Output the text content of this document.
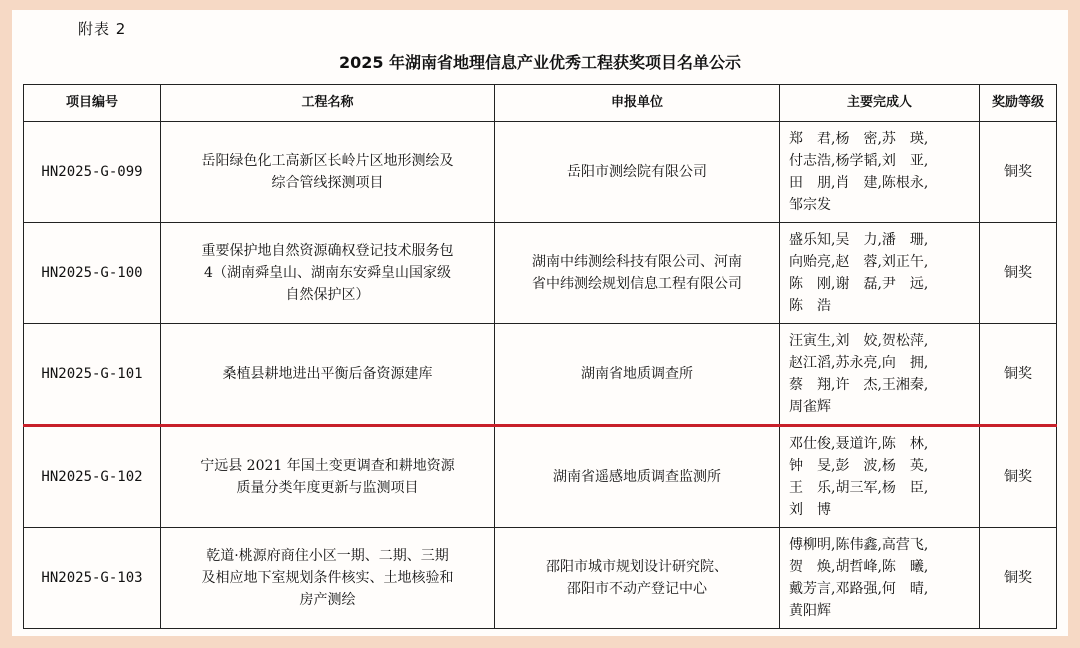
附表 2
2025 年湖南省地理信息产业优秀工程获奖项目名单公示
项目编号	工程名称	申报单位	主要完成人	奖励等级
HN2025-G-099	岳阳绿色化工高新区长岭片区地形测绘及
综合管线探测项目	岳阳市测绘院有限公司	郑　君,杨　密,苏　瑛,
付志浩,杨学韬,刘　亚,
田　朋,肖　建,陈根永,
邹宗发	铜奖
HN2025-G-100	重要保护地自然资源确权登记技术服务包
4（湖南舜皇山、湖南东安舜皇山国家级
自然保护区）	湖南中纬测绘科技有限公司、河南
省中纬测绘规划信息工程有限公司	盛乐知,吴　力,潘　珊,
向贻亮,赵　蓉,刘正午,
陈　刚,谢　磊,尹　远,
陈　浩	铜奖
HN2025-G-101	桑植县耕地进出平衡后备资源建库	湖南省地质调查所	汪寅生,刘　姣,贺松萍,
赵江滔,苏永亮,向　拥,
蔡　翔,许　杰,王湘秦,
周雀辉	铜奖
HN2025-G-102	宁远县 2021 年国土变更调查和耕地资源
质量分类年度更新与监测项目	湖南省遥感地质调查监测所	邓仕俊,聂道许,陈　林,
钟　旻,彭　波,杨　英,
王　乐,胡三军,杨　臣,
刘　博	铜奖
HN2025-G-103	乾道·桃源府商住小区一期、二期、三期
及相应地下室规划条件核实、土地核验和
房产测绘	邵阳市城市规划设计研究院、
邵阳市不动产登记中心	傅柳明,陈伟鑫,高营飞,
贺　焕,胡哲峰,陈　曦,
戴芳言,邓路强,何　晴,
黄阳辉	铜奖
